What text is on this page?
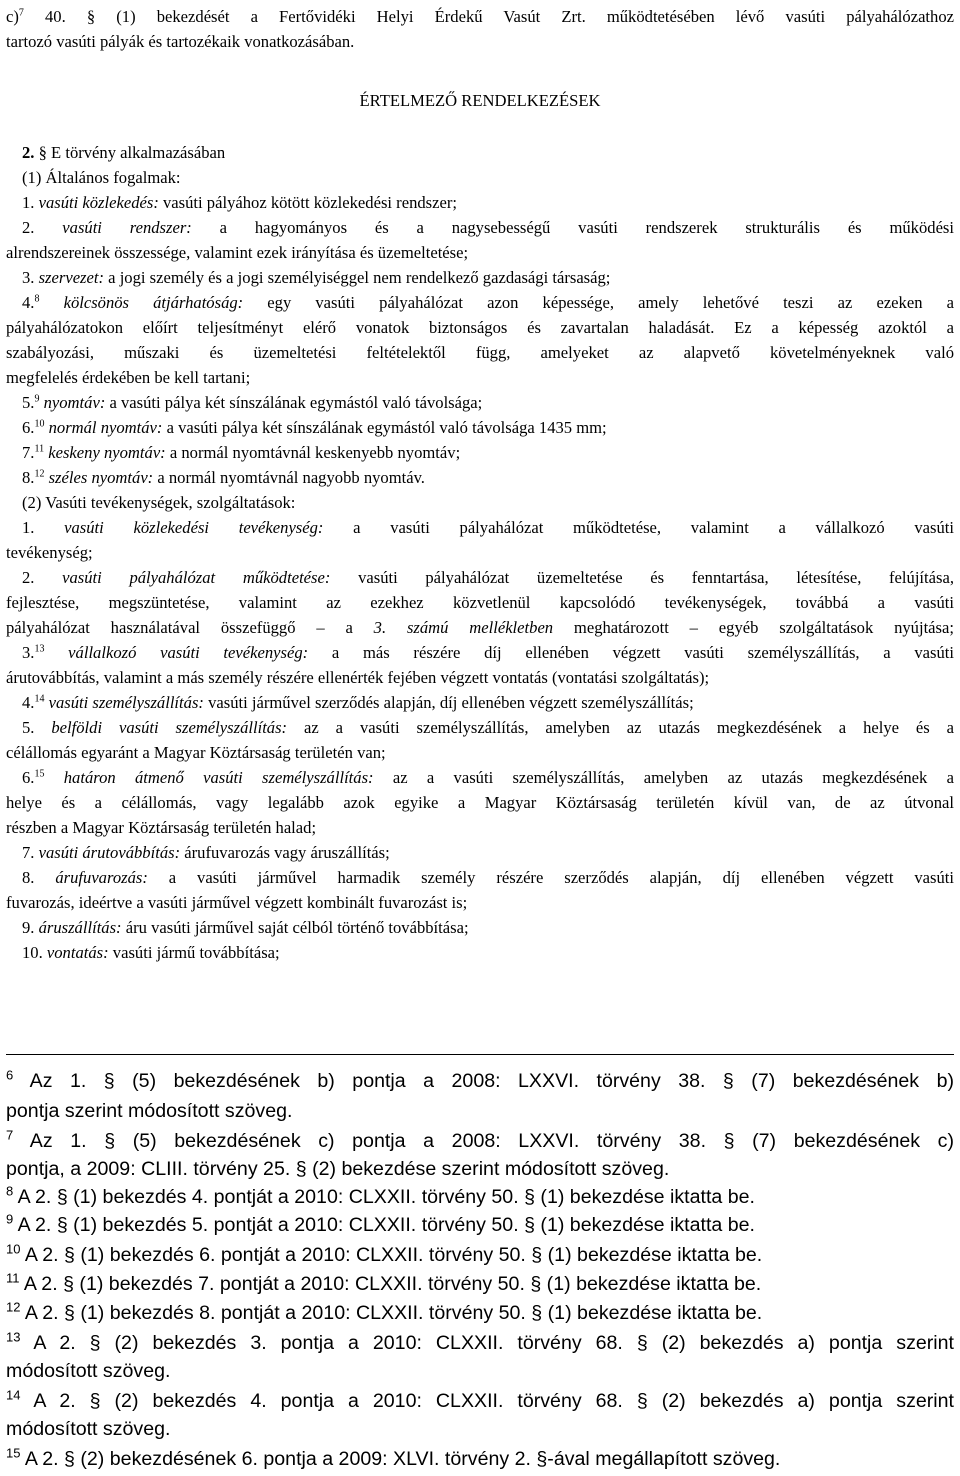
c)$^7$ 40. § (1) bekezdését a Fertővidéki Helyi Érdekű Vasút Zrt. működtetésében lévő vasúti pályahálózathoz
tartozó vasúti pályák és tartozékaik vonatkozásában.
ÉRTELMEZŐ RENDELKEZÉSEK
2. § E törvény alkalmazásában
(1) Általános fogalmak:
1. vasúti közlekedés: vasúti pályához kötött közlekedési rendszer;
2. vasúti rendszer: a hagyományos és a nagysebességű vasúti rendszerek strukturális és működési
alrendszereinek összessége, valamint ezek irányítása és üzemeltetése;
3. szervezet: a jogi személy és a jogi személyiséggel nem rendelkező gazdasági társaság;
4.$^8$ kölcsönös átjárhatóság: egy vasúti pályahálózat azon képessége, amely lehetővé teszi az ezeken a
pályahálózatokon előírt teljesítményt elérő vonatok biztonságos és zavartalan haladását. Ez a képesség azoktól a
szabályozási, műszaki és üzemeltetési feltételektől függ, amelyeket az alapvető követelményeknek való
megfelelés érdekében be kell tartani;
5.$^9$ nyomtáv: a vasúti pálya két sínszálának egymástól való távolsága;
6.10 normál nyomtáv: a vasúti pálya két sínszálának egymástól való távolsága 1435 mm;
7.11 keskeny nyomtáv: a normál nyomtávnál keskenyebb nyomtáv;
8.12 széles nyomtáv: a normál nyomtávnál nagyobb nyomtáv.
(2) Vasúti tevékenységek, szolgáltatások:
1. vasúti közlekedési tevékenység: a vasúti pályahálózat működtetése, valamint a vállalkozó vasúti
tevékenység;
2. vasúti pályahálózat működtetése: vasúti pályahálózat üzemeltetése és fenntartása, létesítése, felújítása,
fejlesztése, megszüntetése, valamint az ezekhez közvetlenül kapcsolódó tevékenységek, továbbá a vasúti
pályahálózat használatával összefüggő – a 3. számú mellékletben meghatározott – egyéb szolgáltatások nyújtása;
3.13 vállalkozó vasúti tevékenység: a más részére díj ellenében végzett vasúti személyszállítás, a vasúti
árutovábbítás, valamint a más személy részére ellenérték fejében végzett vontatás (vontatási szolgáltatás);
4.14 vasúti személyszállítás: vasúti járművel szerződés alapján, díj ellenében végzett személyszállítás;
5. belföldi vasúti személyszállítás: az a vasúti személyszállítás, amelyben az utazás megkezdésének a helye és a
célállomás egyaránt a Magyar Köztársaság területén van;
6.15 határon átmenő vasúti személyszállítás: az a vasúti személyszállítás, amelyben az utazás megkezdésének a
helye és a célállomás, vagy legalább azok egyike a Magyar Köztársaság területén kívül van, de az útvonal
részben a Magyar Köztársaság területén halad;
7. vasúti árutovábbítás: árufuvarozás vagy áruszállítás;
8. árufuvarozás: a vasúti járművel harmadik személy részére szerződés alapján, díj ellenében végzett vasúti
fuvarozás, ideértve a vasúti járművel végzett kombinált fuvarozást is;
9. áruszállítás: áru vasúti járművel saját célból történő továbbítása;
10. vontatás: vasúti jármű továbbítása;
$^6$ Az 1. § (5) bekezdésének b) pontja a 2008: LXXVI. törvény 38. § (7) bekezdésének b)
pontja szerint módosított szöveg.
$^7$ Az 1. § (5) bekezdésének c) pontja a 2008: LXXVI. törvény 38. § (7) bekezdésének c)
pontja, a 2009: CLIII. törvény 25. § (2) bekezdése szerint módosított szöveg.
$^8$ A 2. § (1) bekezdés 4. pontját a 2010: CLXXII. törvény 50. § (1) bekezdése iktatta be.
$^9$ A 2. § (1) bekezdés 5. pontját a 2010: CLXXII. törvény 50. § (1) bekezdése iktatta be.
$^{10}$ A 2. § (1) bekezdés 6. pontját a 2010: CLXXII. törvény 50. § (1) bekezdése iktatta be.
$^{11}$ A 2. § (1) bekezdés 7. pontját a 2010: CLXXII. törvény 50. § (1) bekezdése iktatta be.
$^{12}$ A 2. § (1) bekezdés 8. pontját a 2010: CLXXII. törvény 50. § (1) bekezdése iktatta be.
$^{13}$ A 2. § (2) bekezdés 3. pontja a 2010: CLXXII. törvény 68. § (2) bekezdés a) pontja szerint
módosított szöveg.
$^{14}$ A 2. § (2) bekezdés 4. pontja a 2010: CLXXII. törvény 68. § (2) bekezdés a) pontja szerint
módosított szöveg.
$^{15}$ A 2. § (2) bekezdésének 6. pontja a 2009: XLVI. törvény 2. §-ával megállapított szöveg.
